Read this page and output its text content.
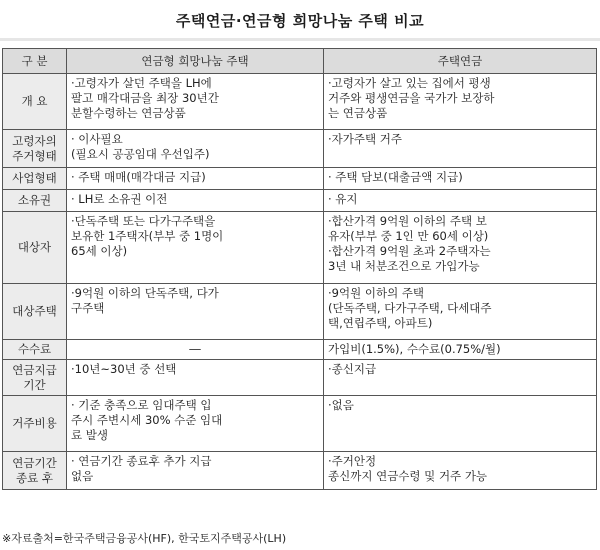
주택연금·연금형 희망나눔 주택 비교
구 분	연금형 희망나눔 주택	주택연금

개 요	·고령자가 살던 주택을 LH에
팔고 매각대금을 최장 30년간
분할수령하는 연금상품	·고령자가 살고 있는 집에서 평생
거주와 평생연금을 국가가 보장하
는 연금상품

고령자의
주거형태	· 이사필요
(필요시 공공임대 우선입주)	·자가주택 거주

사업형태	· 주택 매매(매각대금 지급)	· 주택 담보(대출금액 지급)

소유권	· LH로 소유권 이전	· 유지

대상자	·단독주택 또는 다가구주택을
보유한 1주택자(부부 중 1명이
65세 이상)	·합산가격 9억원 이하의 주택 보
유자(부부 중 1인 만 60세 이상)
·합산가격 9억원 초과 2주택자는
3년 내 처분조건으로 가입가능

대상주택	·9억원 이하의 단독주택, 다가
구주택	·9억원 이하의 주택
(단독주택, 다가구주택, 다세대주
택,연립주택, 아파트)

수수료	―	가입비(1.5%), 수수료(0.75%/월)

연금지급
기간	·10년~30년 중 선택	·종신지급

거주비용	· 기준 충족으로 임대주택 입
주시 주변시세 30% 수준 임대
료 발생	·없음

연금기간
종료 후	· 연금기간 종료후 추가 지급
없음	·주거안정
종신까지 연금수령 및 거주 가능
※자료출처=한국주택금융공사(HF), 한국토지주택공사(LH)
